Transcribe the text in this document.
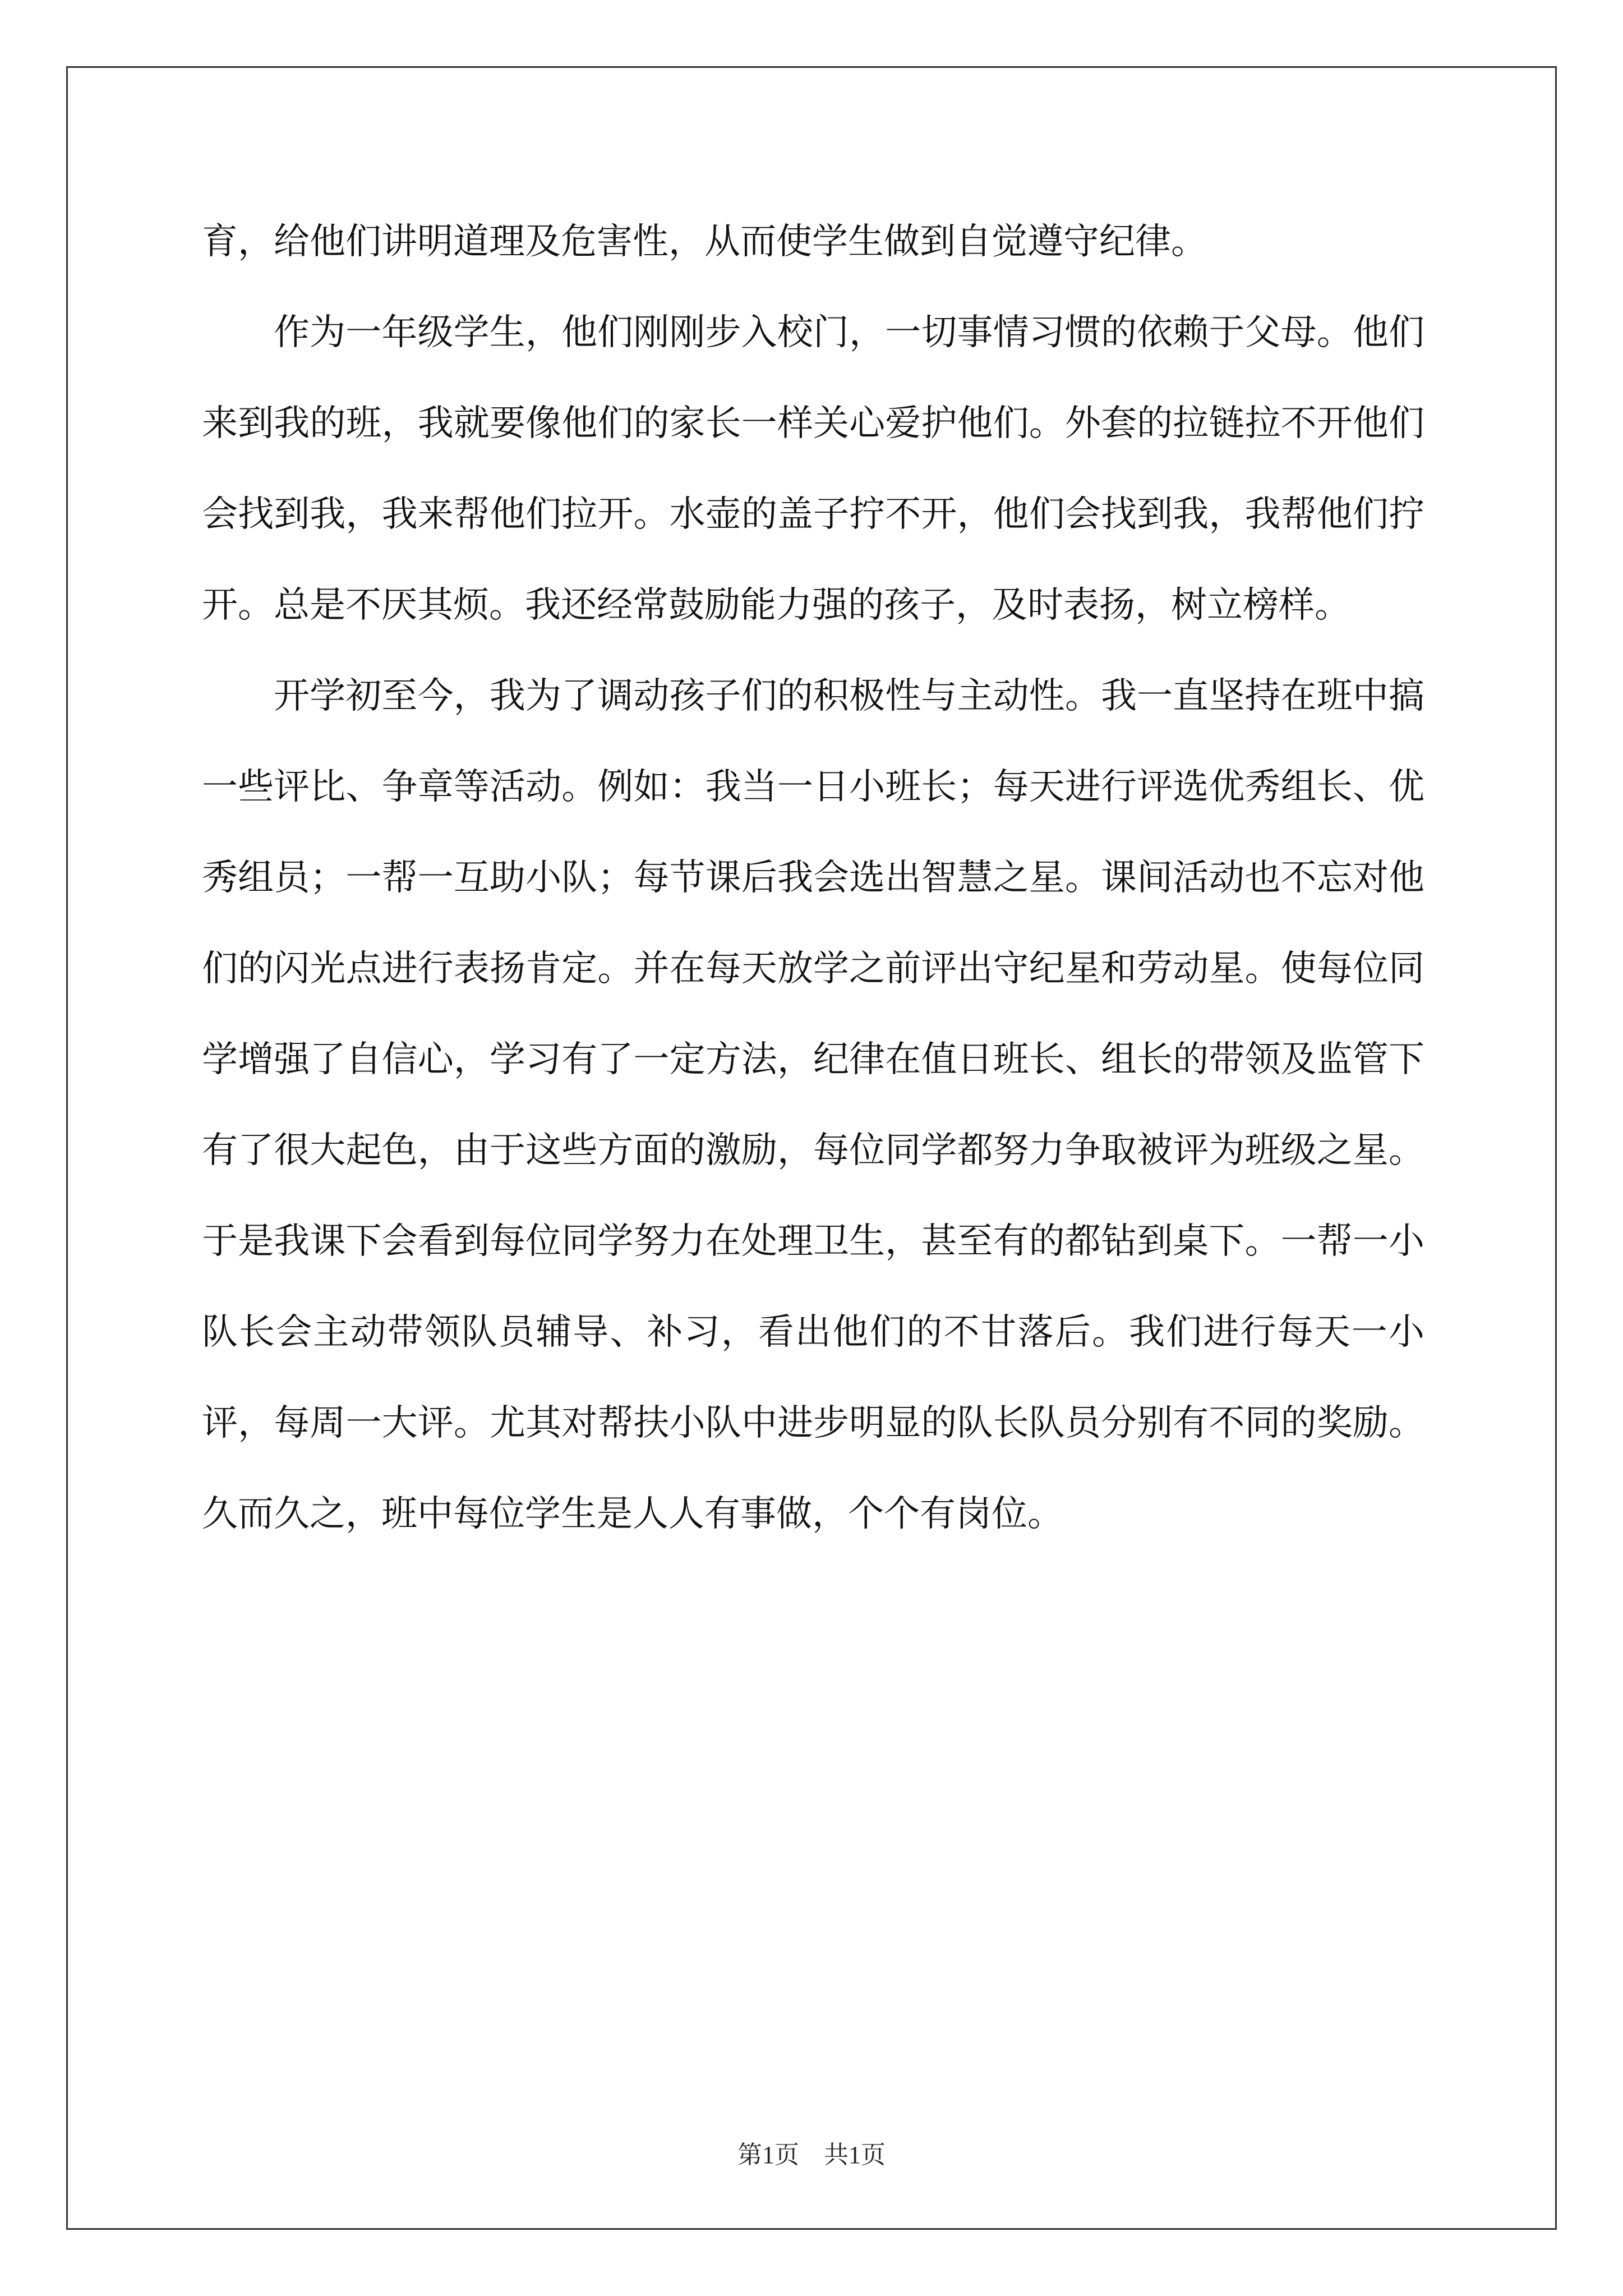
育，给他们讲明道理及危害性，从而使学生做到自觉遵守纪律。

作为一年级学生，他们刚刚步入校门，一切事情习惯的依赖于父母。他们来到我的班，我就要像他们的家长一样关心爱护他们。外套的拉链拉不开他们会找到我，我来帮他们拉开。水壶的盖子拧不开，他们会找到我，我帮他们拧开。总是不厌其烦。我还经常鼓励能力强的孩子，及时表扬，树立榜样。

开学初至今，我为了调动孩子们的积极性与主动性。我一直坚持在班中搞一些评比、争章等活动。例如：我当一日小班长；每天进行评选优秀组长、优秀组员；一帮一互助小队；每节课后我会选出智慧之星。课间活动也不忘对他们的闪光点进行表扬肯定。并在每天放学之前评出守纪星和劳动星。使每位同学增强了自信心，学习有了一定方法，纪律在值日班长、组长的带领及监管下有了很大起色，由于这些方面的激励，每位同学都努力争取被评为班级之星。于是我课下会看到每位同学努力在处理卫生，甚至有的都钻到桌下。一帮一小队长会主动带领队员辅导、补习，看出他们的不甘落后。我们进行每天一小评，每周一大评。尤其对帮扶小队中进步明显的队长队员分别有不同的奖励。久而久之，班中每位学生是人人有事做，个个有岗位。

第1页　共1页
